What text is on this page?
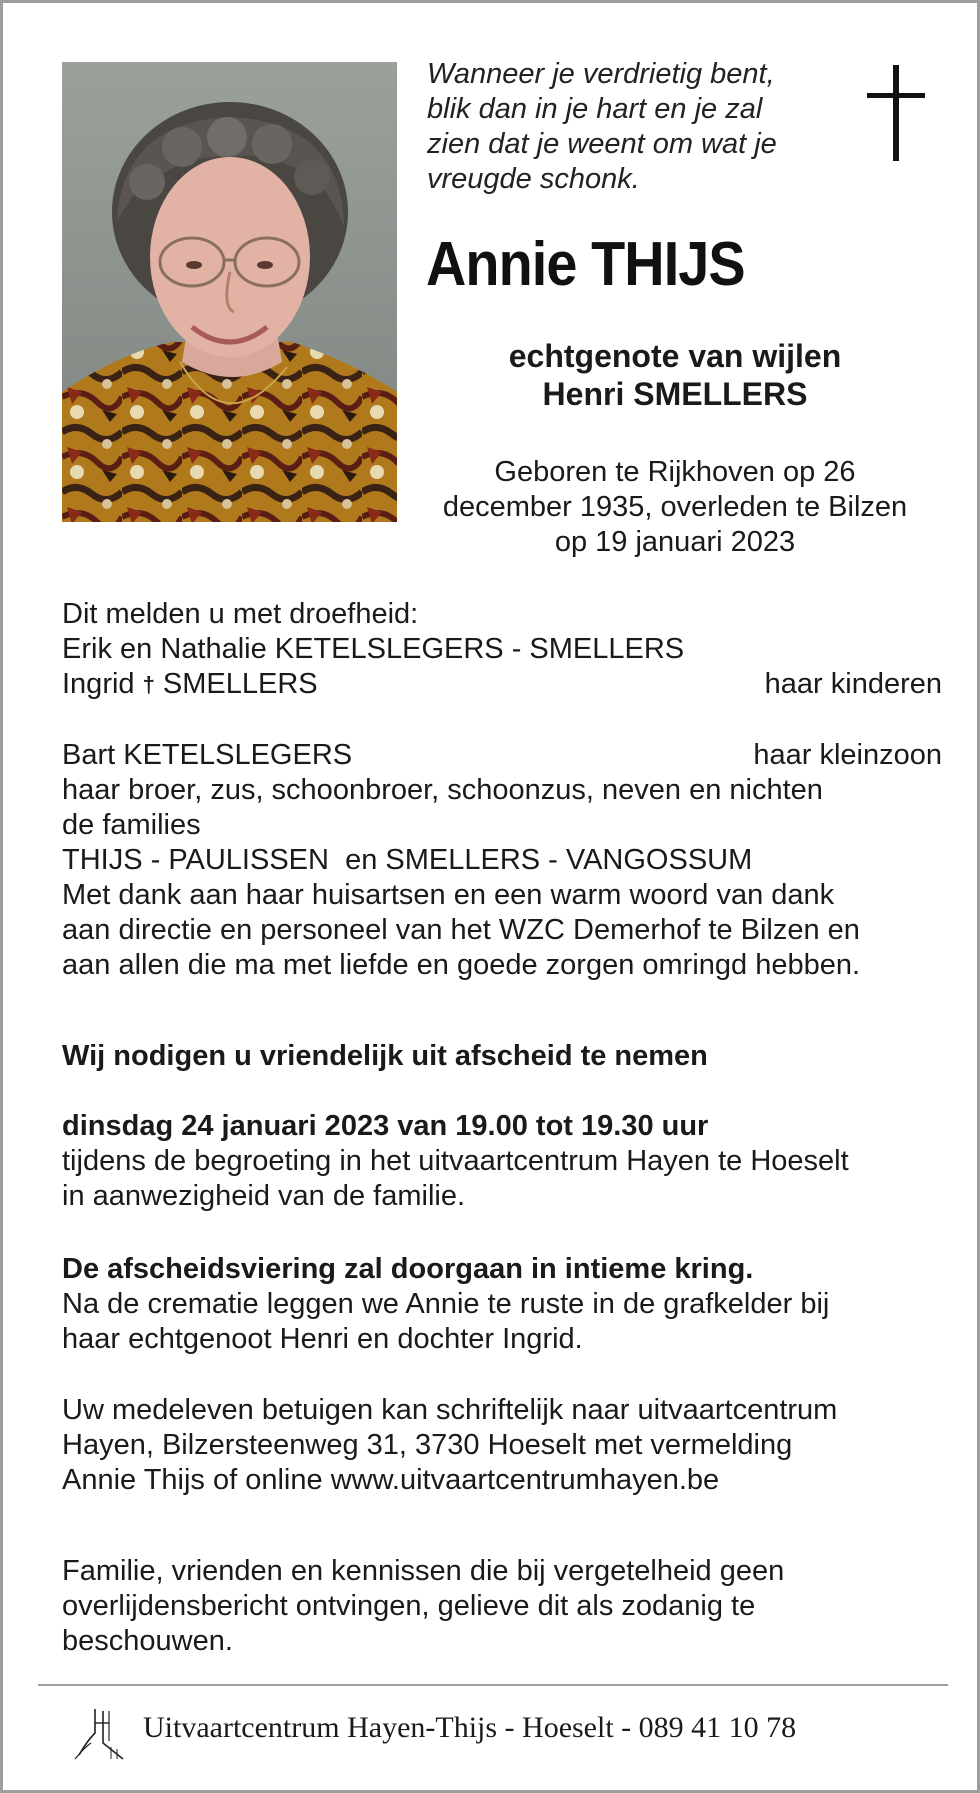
Wanneer je verdrietig bent,
blik dan in je hart en je zal
zien dat je weent om wat je
vreugde schonk.
Annie THIJS
echtgenote van wijlen
Henri SMELLERS
Geboren te Rijkhoven op 26
december 1935, overleden te Bilzen
op 19 januari 2023
Dit melden u met droefheid:
Erik en Nathalie KETELSLEGERS - SMELLERS
Ingrid † SMELLERS	haar kinderen
Bart KETELSLEGERS	haar kleinzoon
haar broer, zus, schoonbroer, schoonzus, neven en nichten
de families
THIJS - PAULISSEN  en SMELLERS - VANGOSSUM
Met dank aan haar huisartsen en een warm woord van dank
aan directie en personeel van het WZC Demerhof te Bilzen en
aan allen die ma met liefde en goede zorgen omringd hebben.
Wij nodigen u vriendelijk uit afscheid te nemen
dinsdag 24 januari 2023 van 19.00 tot 19.30 uur
tijdens de begroeting in het uitvaartcentrum Hayen te Hoeselt
in aanwezigheid van de familie.
De afscheidsviering zal doorgaan in intieme kring.
Na de crematie leggen we Annie te ruste in de grafkelder bij
haar echtgenoot Henri en dochter Ingrid.
Uw medeleven betuigen kan schriftelijk naar uitvaartcentrum
Hayen, Bilzersteenweg 31, 3730 Hoeselt met vermelding
Annie Thijs of online www.uitvaartcentrumhayen.be
Familie, vrienden en kennissen die bij vergetelheid geen
overlijdensbericht ontvingen, gelieve dit als zodanig te
beschouwen.
Uitvaartcentrum Hayen-Thijs - Hoeselt - 089 41 10 78
